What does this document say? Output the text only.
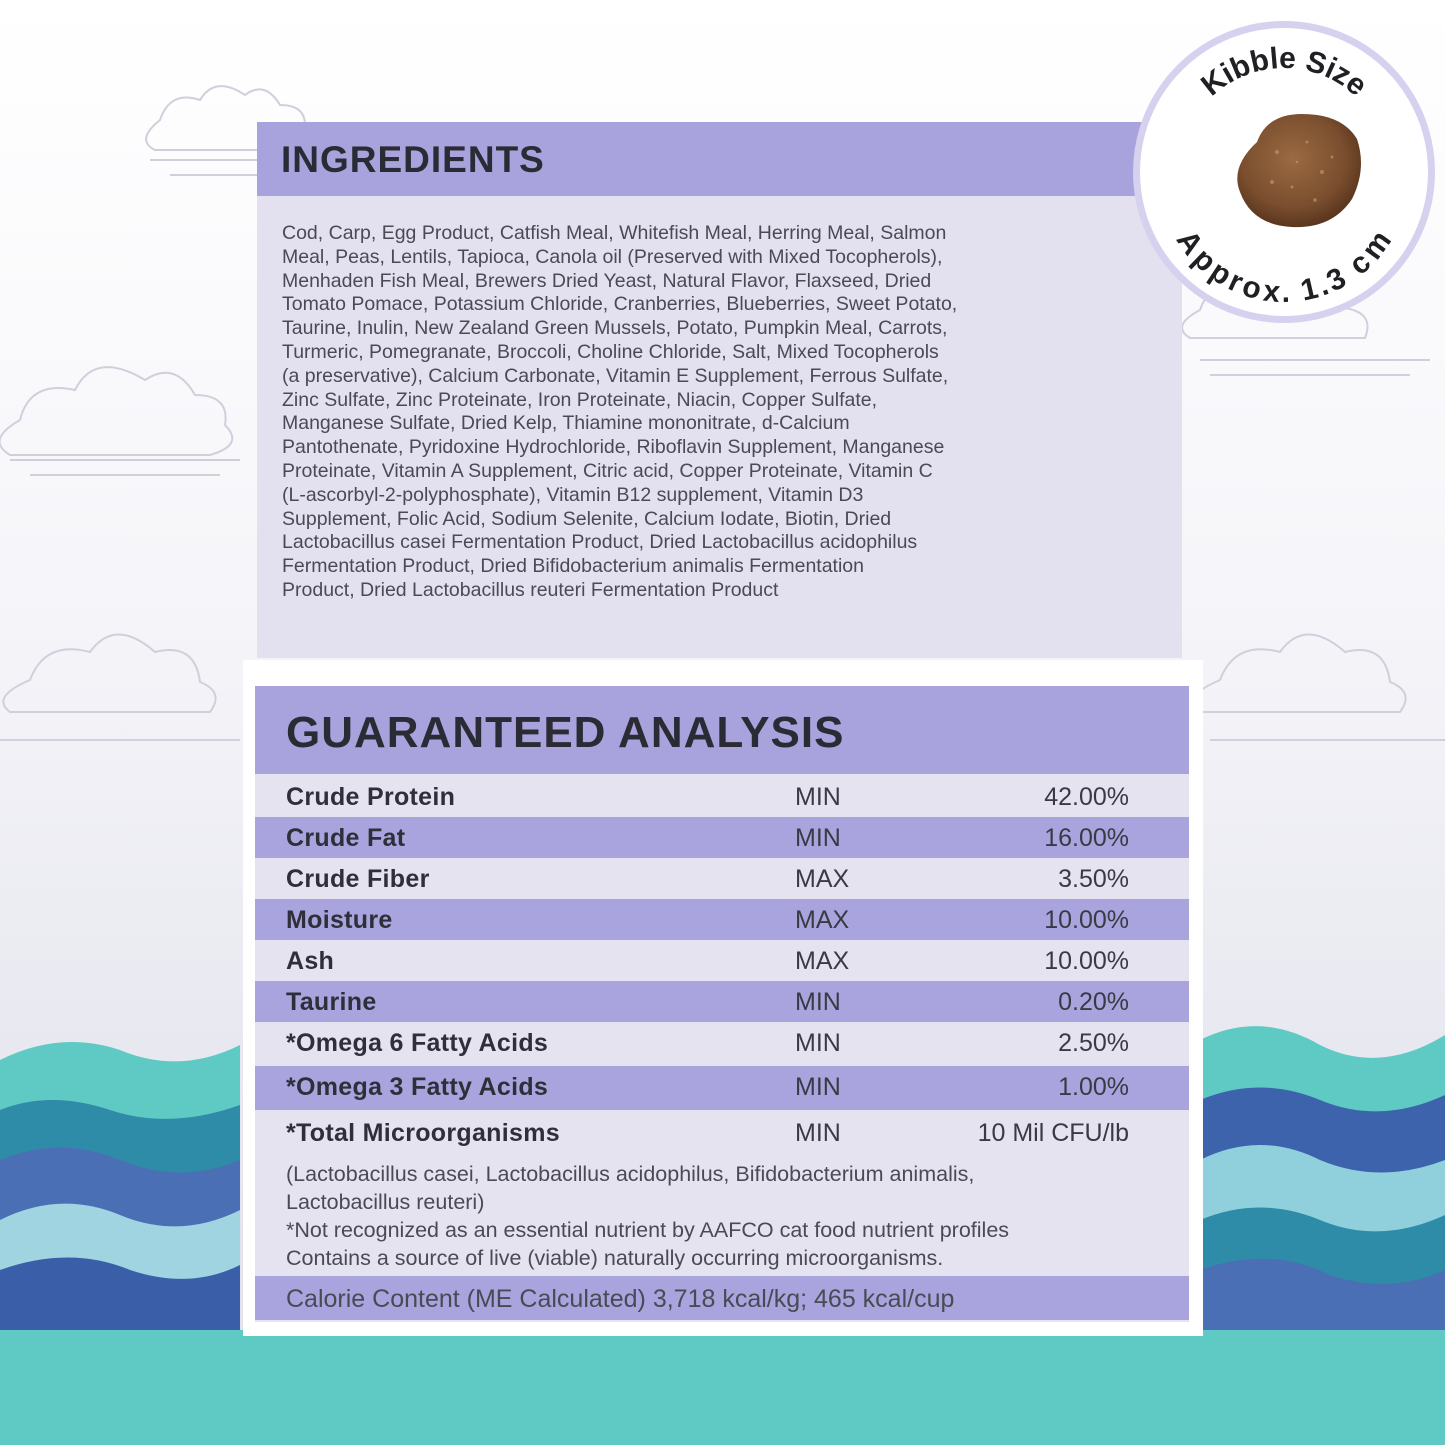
INGREDIENTS
Cod, Carp, Egg Product, Catfish Meal, Whitefish Meal, Herring Meal, Salmon
Meal, Peas, Lentils, Tapioca, Canola oil (Preserved with Mixed Tocopherols),
Menhaden Fish Meal, Brewers Dried Yeast, Natural Flavor, Flaxseed, Dried
Tomato Pomace, Potassium Chloride, Cranberries, Blueberries, Sweet Potato,
Taurine, Inulin, New Zealand Green Mussels, Potato, Pumpkin Meal, Carrots,
Turmeric, Pomegranate, Broccoli, Choline Chloride, Salt, Mixed Tocopherols
(a preservative), Calcium Carbonate, Vitamin E Supplement, Ferrous Sulfate,
Zinc Sulfate, Zinc Proteinate, Iron Proteinate, Niacin, Copper Sulfate,
Manganese Sulfate, Dried Kelp, Thiamine mononitrate, d-Calcium
Pantothenate, Pyridoxine Hydrochloride, Riboflavin Supplement, Manganese
Proteinate, Vitamin A Supplement, Citric acid, Copper Proteinate, Vitamin C
(L-ascorbyl-2-polyphosphate), Vitamin B12 supplement, Vitamin D3
Supplement, Folic Acid, Sodium Selenite, Calcium Iodate, Biotin, Dried
Lactobacillus casei Fermentation Product, Dried Lactobacillus acidophilus
Fermentation Product, Dried Bifidobacterium animalis Fermentation
Product, Dried Lactobacillus reuteri Fermentation Product
GUARANTEED ANALYSIS
Crude Protein	MIN	42.00%
Crude Fat	MIN	16.00%
Crude Fiber	MAX	3.50%
Moisture	MAX	10.00%
Ash	MAX	10.00%
Taurine	MIN	0.20%
*Omega 6 Fatty Acids	MIN	2.50%
*Omega 3 Fatty Acids	MIN	1.00%
*Total Microorganisms	MIN	10 Mil CFU/lb
(Lactobacillus casei, Lactobacillus acidophilus, Bifidobacterium animalis,
Lactobacillus reuteri)
*Not recognized as an essential nutrient by AAFCO cat food nutrient profiles
Contains a source of live (viable) naturally occurring microorganisms.
Calorie Content (ME Calculated) 3,718 kcal/kg; 465 kcal/cup
Kibble Size
Approx. 1.3 cm
